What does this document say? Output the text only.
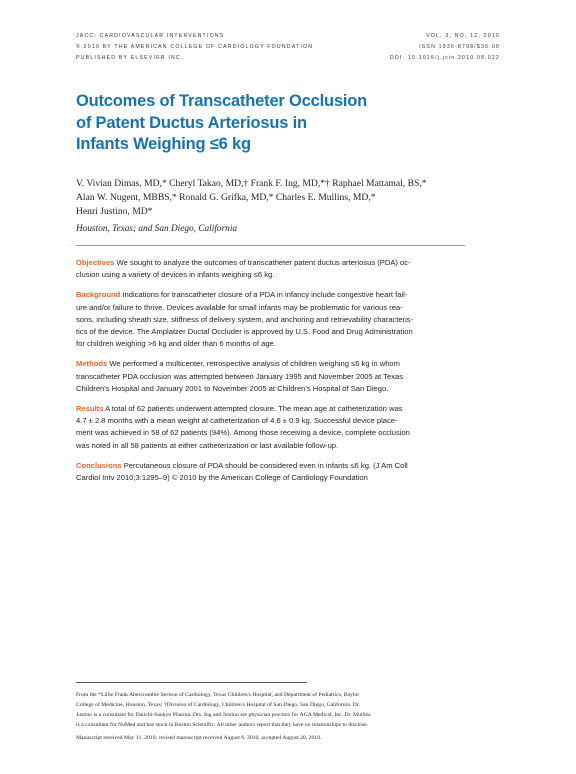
JACC: CARDIOVASCULAR INTERVENTIONS
© 2010 BY THE AMERICAN COLLEGE OF CARDIOLOGY FOUNDATION
PUBLISHED BY ELSEVIER INC.
VOL. 3, NO. 12, 2010
ISSN 1936-8798/$36.00
DOI: 10.1016/j.jcin.2010.08.022
Outcomes of Transcatheter Occlusion
of Patent Ductus Arteriosus in
Infants Weighing ≤6 kg
V. Vivian Dimas, MD,* Cheryl Takao, MD,† Frank F. Ing, MD,*† Raphael Mattamal, BS,*
Alan W. Nugent, MBBS,* Ronald G. Grifka, MD,* Charles E. Mullins, MD,*
Henri Justino, MD*
Houston, Texas; and San Diego, California
Objectives We sought to analyze the outcomes of transcatheter patent ductus arteriosus (PDA) oc-
clusion using a variety of devices in infants weighing ≤6 kg.
Background Indications for transcatheter closure of a PDA in infancy include congestive heart fail-
ure and/or failure to thrive. Devices available for small infants may be problematic for various rea-
sons, including sheath size, stiffness of delivery system, and anchoring and retrievability characteris-
tics of the device. The Amplatzer Ductal Occluder is approved by U.S. Food and Drug Administration
for children weighing >6 kg and older than 6 months of age.
Methods We performed a multicenter, retrospective analysis of children weighing ≤6 kg in whom
transcatheter PDA occlusion was attempted between January 1995 and November 2005 at Texas
Children's Hospital and January 2001 to November 2005 at Children's Hospital of San Diego.
Results A total of 62 patients underwent attempted closure. The mean age at catheterization was
4.7 ± 2.8 months with a mean weight at catheterization of 4.6 ± 0.9 kg. Successful device place-
ment was achieved in 58 of 62 patients (94%). Among those receiving a device, complete occlusion
was noted in all 58 patients at either catheterization or last available follow-up.
Conclusions Percutaneous closure of PDA should be considered even in infants ≤6 kg. (J Am Coll
Cardiol Intv 2010;3:1295–9) © 2010 by the American College of Cardiology Foundation
From the *Lillie Frank Abercrombie Section of Cardiology, Texas Children's Hospital, and Department of Pediatrics, Baylor
College of Medicine, Houston, Texas; †Division of Cardiology, Children's Hospital of San Diego, San Diego, California. Dr.
Justino is a consultant for Daiichi-Sankyo Pharma. Drs. Ing and Justino are physician proctors for AGA Medical, Inc. Dr. Mullins
is a consultant for NuMed and has stock in Boston Scientific. All other authors report that they have no relationships to disclose.
Manuscript received May 11, 2010; revised manuscript received August 6, 2010, accepted August 20, 2010.
